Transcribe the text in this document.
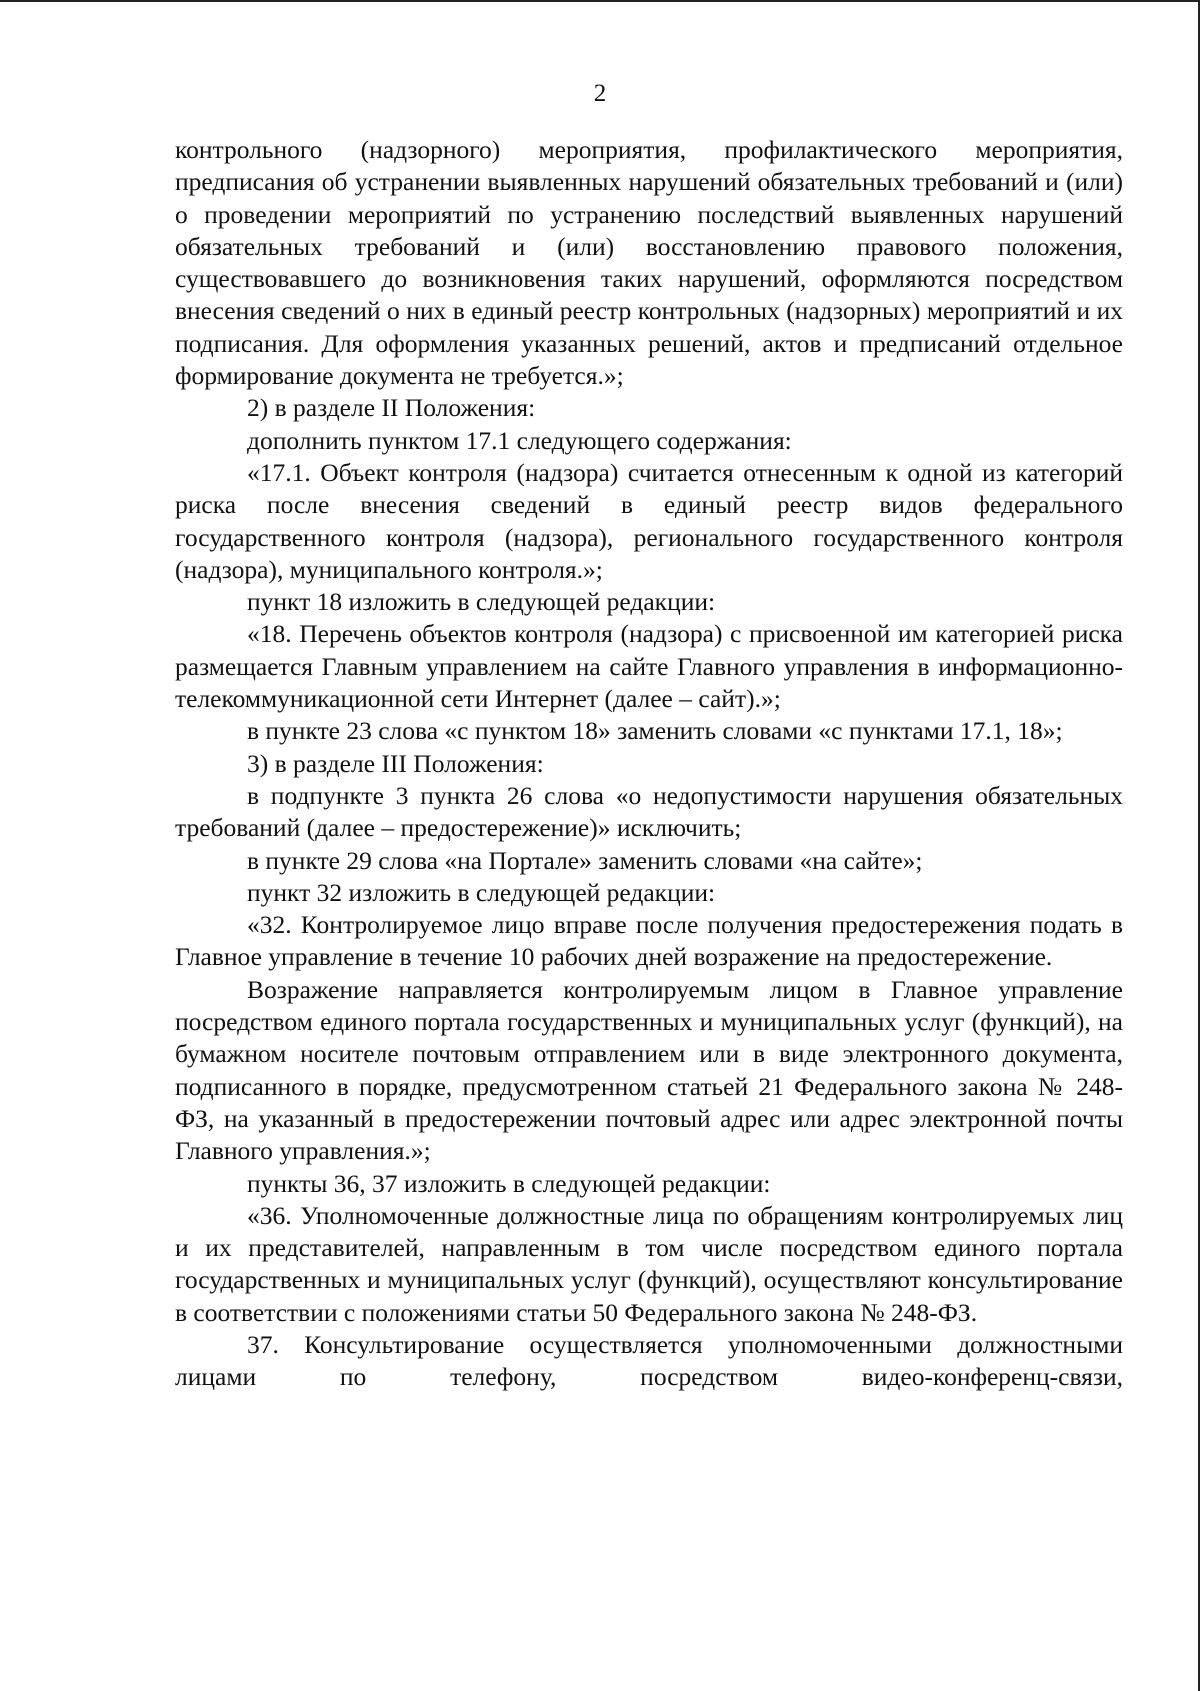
2

контрольного (надзорного) мероприятия, профилактического мероприятия, предписания об устранении выявленных нарушений обязательных требований и (или) о проведении мероприятий по устранению последствий выявленных нарушений обязательных требований и (или) восстановлению правового положения, существовавшего до возникновения таких нарушений, оформляются посредством внесения сведений о них в единый реестр контрольных (надзорных) мероприятий и их подписания. Для оформления указанных решений, актов и предписаний отдельное формирование документа не требуется.»;

2) в разделе II Положения:

дополнить пунктом 17.1 следующего содержания:

«17.1. Объект контроля (надзора) считается отнесенным к одной из категорий риска после внесения сведений в единый реестр видов федерального государственного контроля (надзора), регионального государственного контроля (надзора), муниципального контроля.»;

пункт 18 изложить в следующей редакции:

«18. Перечень объектов контроля (надзора) с присвоенной им категорией риска размещается Главным управлением на сайте Главного управления в информационно-телекоммуникационной сети Интернет (далее – сайт).»;

в пункте 23 слова «с пунктом 18» заменить словами «с пунктами 17.1, 18»;

3) в разделе III Положения:

в подпункте 3 пункта 26 слова «о недопустимости нарушения обязательных требований (далее – предостережение)» исключить;

в пункте 29 слова «на Портале» заменить словами «на сайте»;

пункт 32 изложить в следующей редакции:

«32. Контролируемое лицо вправе после получения предостережения подать в Главное управление в течение 10 рабочих дней возражение на предостережение.

Возражение направляется контролируемым лицом в Главное управление посредством единого портала государственных и муниципальных услуг (функций), на бумажном носителе почтовым отправлением или в виде электронного документа, подписанного в порядке, предусмотренном статьей 21 Федерального закона № 248-ФЗ, на указанный в предостережении почтовый адрес или адрес электронной почты Главного управления.»;

пункты 36, 37 изложить в следующей редакции:

«36. Уполномоченные должностные лица по обращениям контролируемых лиц и их представителей, направленным в том числе посредством единого портала государственных и муниципальных услуг (функций), осуществляют консультирование в соответствии с положениями статьи 50 Федерального закона № 248-ФЗ.

37. Консультирование осуществляется уполномоченными должностными лицами по телефону, посредством видео-конференц-связи,
